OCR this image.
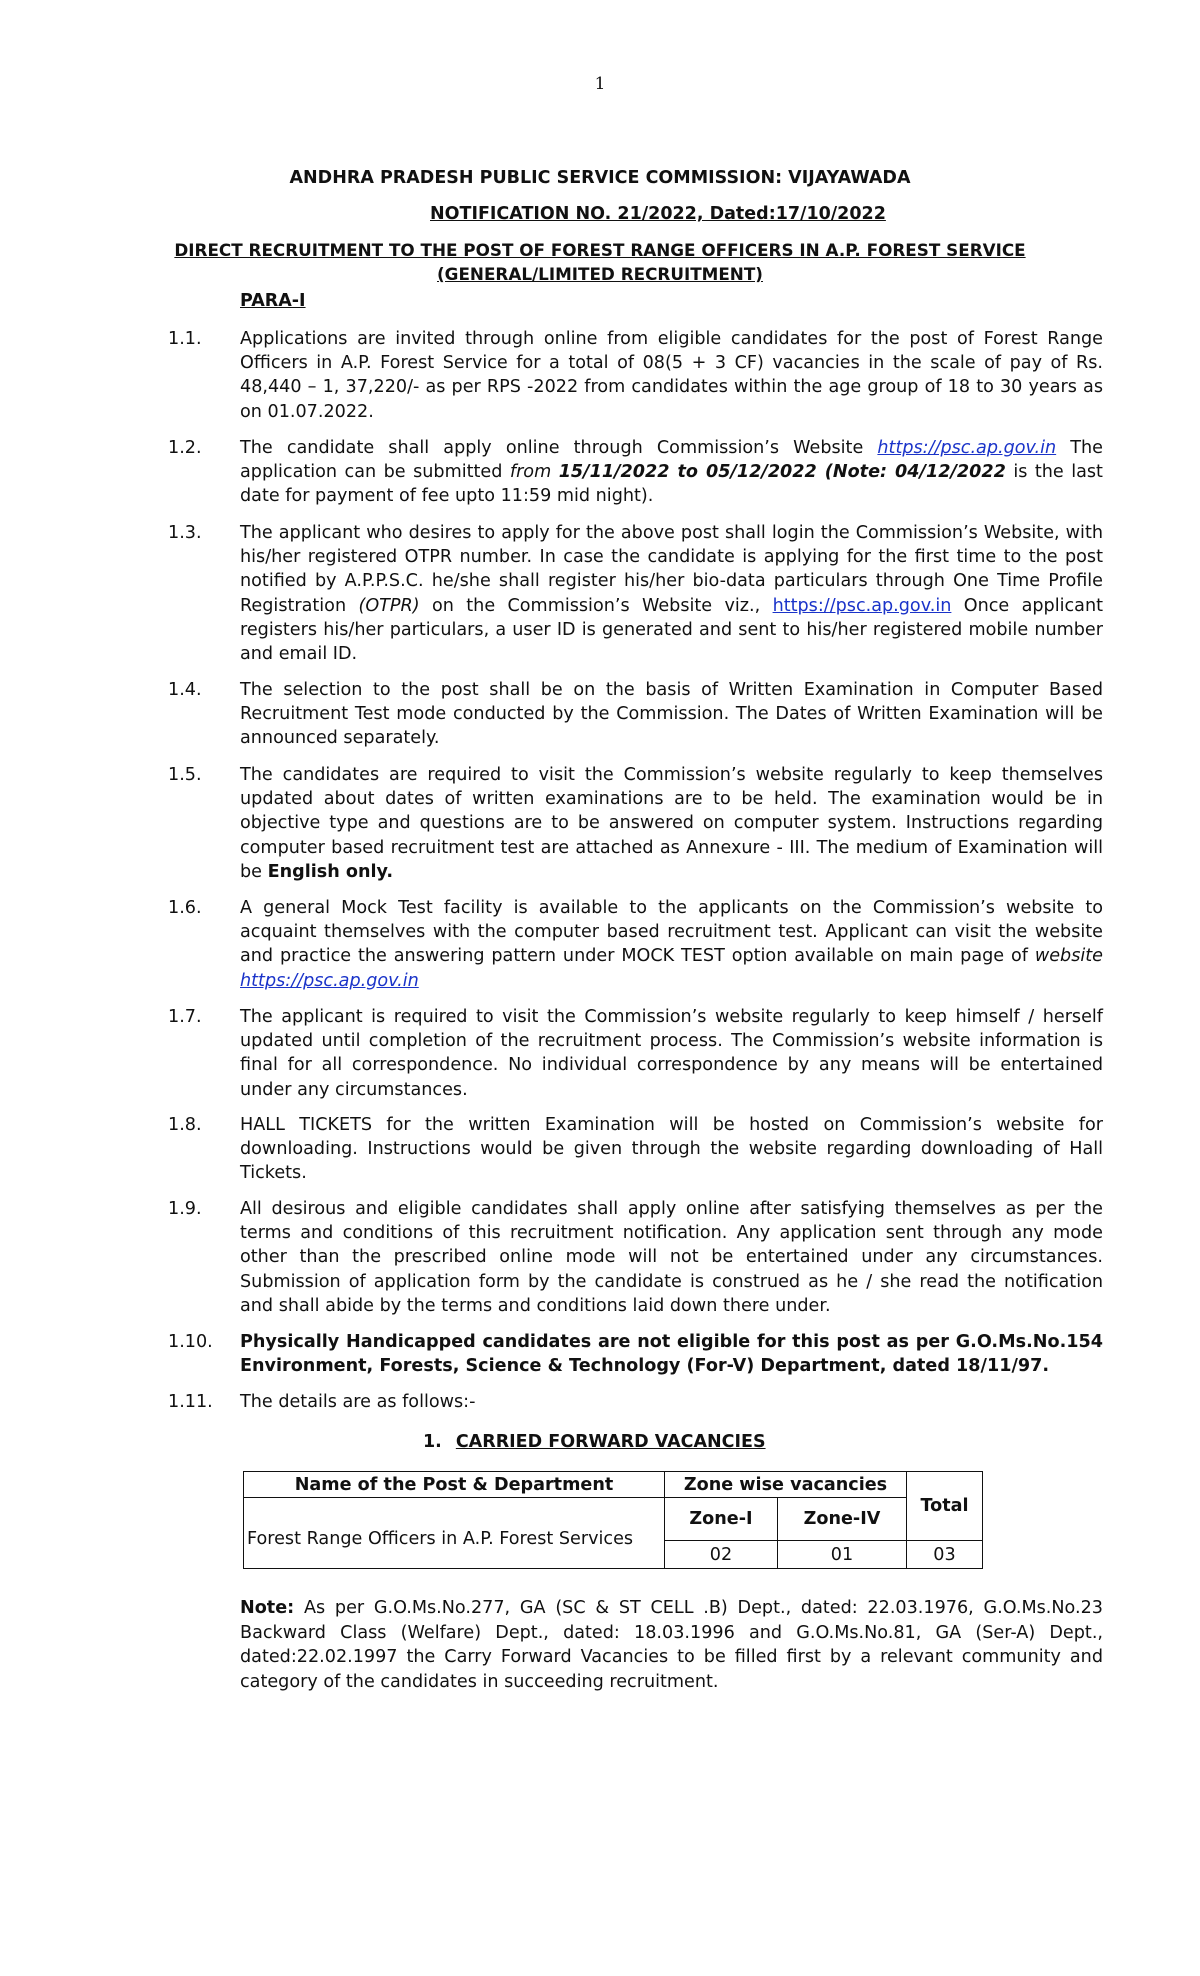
1
ANDHRA PRADESH PUBLIC SERVICE COMMISSION: VIJAYAWADA
NOTIFICATION NO. 21/2022, Dated:17/10/2022
DIRECT RECRUITMENT TO THE POST OF FOREST RANGE OFFICERS IN A.P. FOREST SERVICE
(GENERAL/LIMITED RECRUITMENT)
PARA-I
1.1. Applications are invited through online from eligible candidates for the post of Forest Range Officers in A.P. Forest Service for a total of 08(5 + 3 CF) vacancies in the scale of pay of Rs. 48,440 – 1, 37,220/- as per RPS -2022 from candidates within the age group of 18 to 30 years as on 01.07.2022.
1.2. The candidate shall apply online through Commission’s Website https://psc.ap.gov.in The application can be submitted from 15/11/2022 to 05/12/2022 (Note: 04/12/2022 is the last date for payment of fee upto 11:59 mid night).
1.3. The applicant who desires to apply for the above post shall login the Commission’s Website, with his/her registered OTPR number. In case the candidate is applying for the first time to the post notified by A.P.P.S.C. he/she shall register his/her bio-data particulars through One Time Profile Registration (OTPR) on the Commission’s Website viz., https://psc.ap.gov.in Once applicant registers his/her particulars, a user ID is generated and sent to his/her registered mobile number and email ID.
1.4. The selection to the post shall be on the basis of Written Examination in Computer Based Recruitment Test mode conducted by the Commission. The Dates of Written Examination will be announced separately.
1.5. The candidates are required to visit the Commission’s website regularly to keep themselves updated about dates of written examinations are to be held. The examination would be in objective type and questions are to be answered on computer system. Instructions regarding computer based recruitment test are attached as Annexure - III. The medium of Examination will be English only.
1.6. A general Mock Test facility is available to the applicants on the Commission’s website to acquaint themselves with the computer based recruitment test. Applicant can visit the website and practice the answering pattern under MOCK TEST option available on main page of website https://psc.ap.gov.in
1.7. The applicant is required to visit the Commission’s website regularly to keep himself / herself updated until completion of the recruitment process. The Commission’s website information is final for all correspondence. No individual correspondence by any means will be entertained under any circumstances.
1.8. HALL TICKETS for the written Examination will be hosted on Commission’s website for downloading. Instructions would be given through the website regarding downloading of Hall Tickets.
1.9. All desirous and eligible candidates shall apply online after satisfying themselves as per the terms and conditions of this recruitment notification. Any application sent through any mode other than the prescribed online mode will not be entertained under any circumstances. Submission of application form by the candidate is construed as he / she read the notification and shall abide by the terms and conditions laid down there under.
1.10. Physically Handicapped candidates are not eligible for this post as per G.O.Ms.No.154 Environment, Forests, Science & Technology (For-V) Department, dated 18/11/97.
1.11. The details are as follows:-
1. CARRIED FORWARD VACANCIES
Name of the Post & Department	Zone wise vacancies		Total
Forest Range Officers in A.P. Forest Services	Zone-I	Zone-IV	
	02	01	03
Note: As per G.O.Ms.No.277, GA (SC & ST CELL .B) Dept., dated: 22.03.1976, G.O.Ms.No.23 Backward Class (Welfare) Dept., dated: 18.03.1996 and G.O.Ms.No.81, GA (Ser-A) Dept., dated:22.02.1997 the Carry Forward Vacancies to be filled first by a relevant community and category of the candidates in succeeding recruitment.
